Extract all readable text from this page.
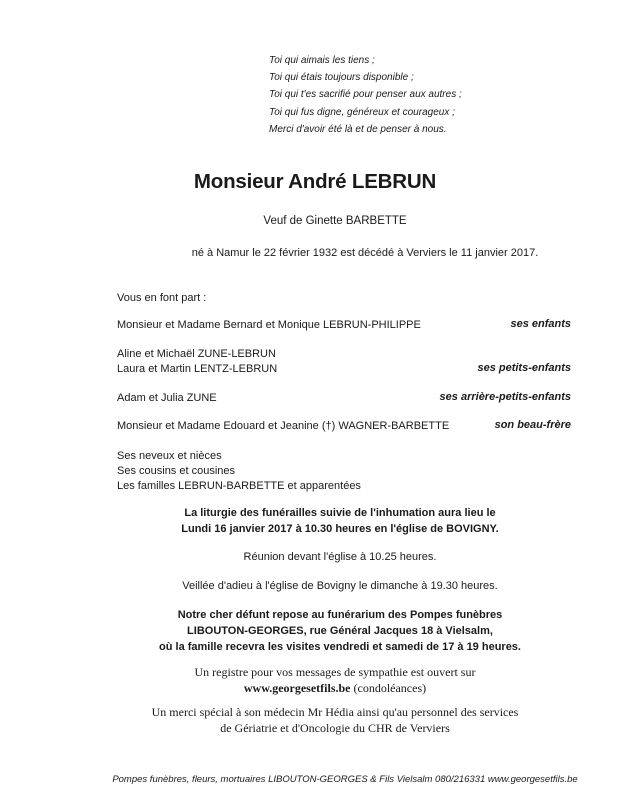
Toi qui aimais les tiens ;
Toi qui étais toujours disponible ;
Toi qui t'es sacrifié pour penser aux autres ;
Toi qui fus digne, généreux et courageux ;
Merci d'avoir été là et de penser à nous.
Monsieur André LEBRUN
Veuf de Ginette BARBETTE
né à Namur le 22 février 1932 est décédé à Verviers le 11 janvier 2017.
Vous en font part :
Monsieur et Madame Bernard et Monique LEBRUN-PHILIPPE	ses enfants
Aline et Michaël ZUNE-LEBRUN
Laura et Martin LENTZ-LEBRUN	ses petits-enfants
Adam et Julia ZUNE	ses arrière-petits-enfants
Monsieur et Madame Edouard et Jeanine (†) WAGNER-BARBETTE	son beau-frère
Ses neveux et nièces
Ses cousins et cousines
Les familles LEBRUN-BARBETTE et apparentées
La liturgie des funérailles suivie de l'inhumation aura lieu le
Lundi 16 janvier 2017 à 10.30 heures en l'église de BOVIGNY.
Réunion devant l'église à 10.25 heures.
Veillée d'adieu à l'église de Bovigny le dimanche à 19.30 heures.
Notre cher défunt repose au funérarium des Pompes funèbres
LIBOUTON-GEORGES, rue Général Jacques 18 à Vielsalm,
où la famille recevra les visites vendredi et samedi de 17 à 19 heures.
Un registre pour vos messages de sympathie est ouvert sur
www.georgesetfils.be (condoléances)
Un merci spécial à son médecin Mr Hédia ainsi qu'au personnel des services
de Gériatrie et d'Oncologie du CHR de Verviers
Pompes funèbres, fleurs, mortuaires LIBOUTON-GEORGES & Fils Vielsalm 080/216331 www.georgesetfils.be
